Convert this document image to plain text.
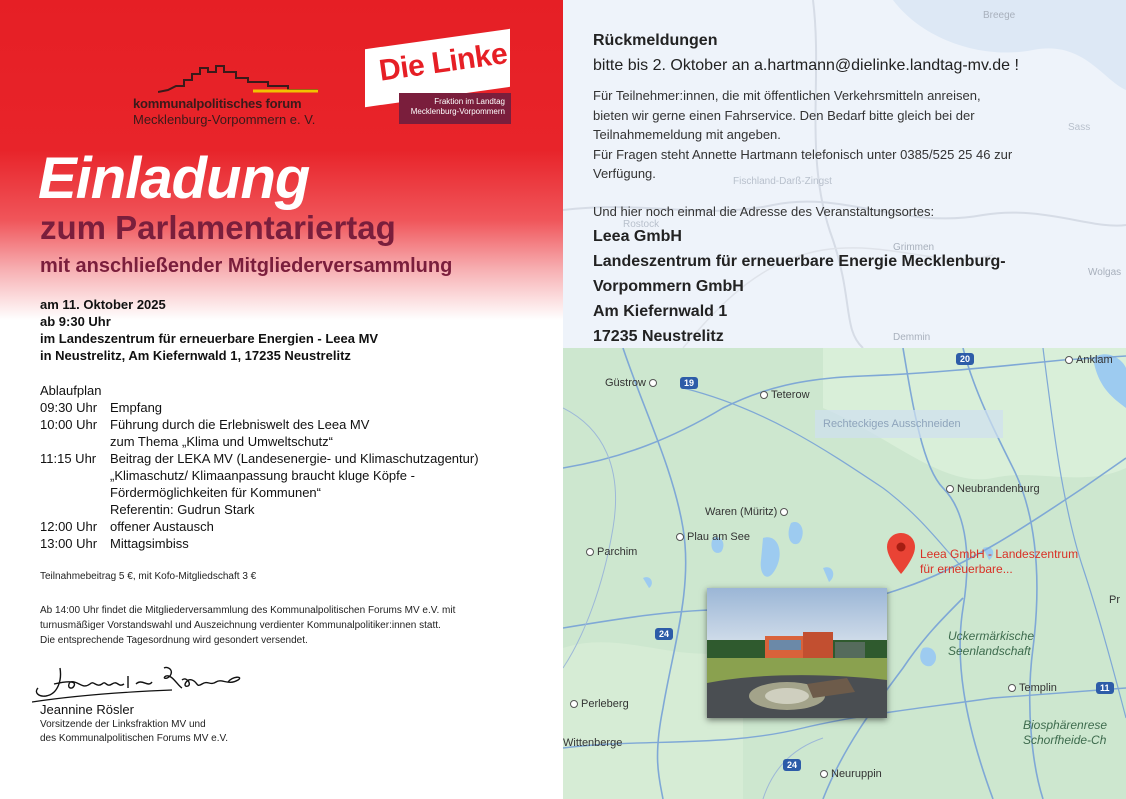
kommunalpolitisches forum
Mecklenburg-Vorpommern e. V.
Die Linke
Fraktion im Landtag
Mecklenburg-Vorpommern
Einladung
zum Parlamentariertag
mit anschließender Mitgliederversammlung
am 11. Oktober 2025
ab 9:30 Uhr
im Landeszentrum für erneuerbare Energien - Leea MV
in Neustrelitz, Am Kiefernwald 1, 17235 Neustrelitz
Ablaufplan
09:30 Uhr Empfang
10:00 Uhr Führung durch die Erlebniswelt des Leea MV
zum Thema „Klima und Umweltschutz“
11:15 Uhr	Beitrag der LEKA MV (Landesenergie- und Klimaschutzagentur)
„Klimaschutz/ Klimaanpassung braucht kluge Köpfe -
Fördermöglichkeiten für Kommunen“
Referentin: Gudrun Stark
12:00 Uhr offener Austausch
13:00 Uhr Mittagsimbiss
Teilnahmebeitrag 5 €, mit Kofo-Mitgliedschaft 3 €
Ab 14:00 Uhr findet die Mitgliederversammlung des Kommunalpolitischen Forums MV e.V. mit
turnusmäßiger Vorstandswahl und Auszeichnung verdienter Kommunalpolitiker:innen statt.
Die entsprechende Tagesordnung wird gesondert versendet.
Jeannine Rösler
Vorsitzende der Linksfraktion MV und
des Kommunalpolitischen Forums MV e.V.
Breege
Grimmen
Demmin
Wolgas
Sass
Rostock
Fischland-Darß-Zingst
Rückmeldungen
bitte bis 2. Oktober an a.hartmann@dielinke.landtag-mv.de !
Für Teilnehmer:innen, die mit öffentlichen Verkehrsmitteln anreisen,
bieten wir gerne einen Fahrservice. Den Bedarf bitte gleich bei der
Teilnahmemeldung mit angeben.
Für Fragen steht Annette Hartmann telefonisch unter 0385/525 25 46 zur
Verfügung.
Und hier noch einmal die Adresse des Veranstaltungsortes:
Leea GmbH
Landeszentrum für erneuerbare Energie Mecklenburg-
Vorpommern GmbH
Am Kiefernwald 1
17235 Neustrelitz
Rechteckiges Ausschneiden
Anklam
Güstrow
Teterow
Neubrandenburg
Waren (Müritz)
Plau am See
Parchim
Templin
Perleberg
Wittenberge
Neuruppin
Pr
20
19
24
11
24
Leea GmbH - Landeszentrum
für erneuerbare...
Uckermärkische
Seenlandschaft
Biosphärenrese
Schorfheide-Ch
